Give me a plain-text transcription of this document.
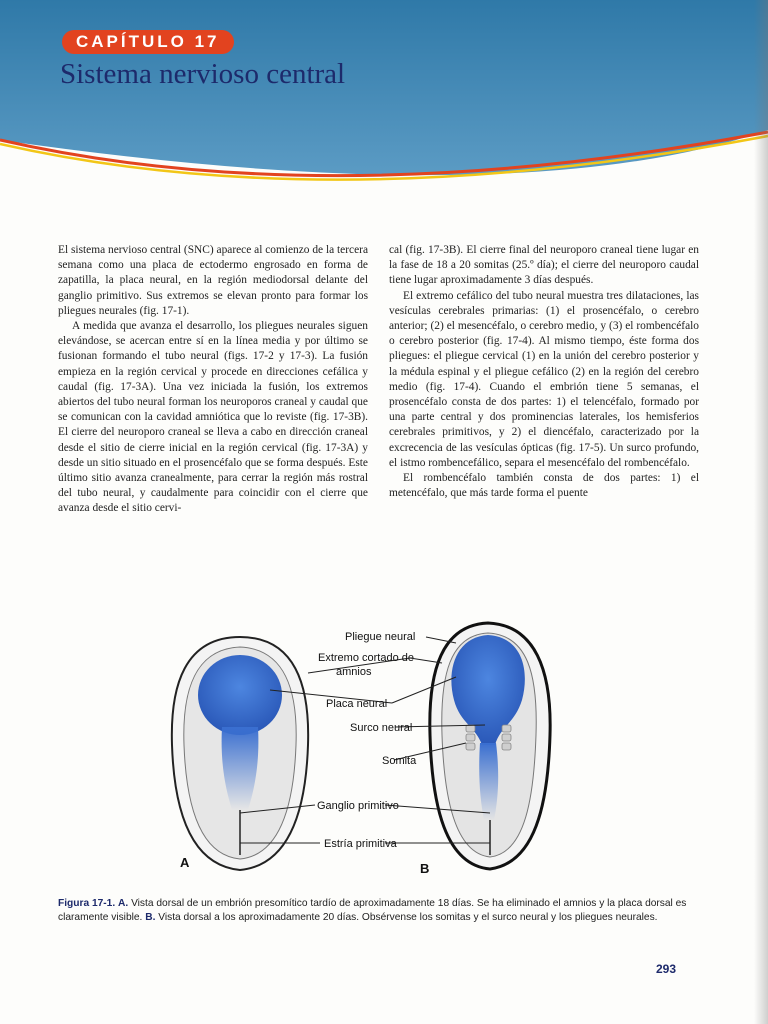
CAPÍTULO 17
Sistema nervioso central

El sistema nervioso central (SNC) aparece al comienzo de la tercera semana como una placa de ectodermo engrosado en forma de zapatilla, la placa neural, en la región mediodorsal delante del ganglio primitivo. Sus extremos se elevan pronto para formar los pliegues neurales (fig. 17-1).

A medida que avanza el desarrollo, los pliegues neurales siguen elevándose, se acercan entre sí en la línea media y por último se fusionan formando el tubo neural (figs. 17-2 y 17-3). La fusión empieza en la región cervical y procede en direcciones cefálica y caudal (fig. 17-3A). Una vez iniciada la fusión, los extremos abiertos del tubo neural forman los neuroporos craneal y caudal que se comunican con la cavidad amniótica que lo reviste (fig. 17-3B). El cierre del neuroporo craneal se lleva a cabo en dirección craneal desde el sitio de cierre inicial en la región cervical (fig. 17-3A) y desde un sitio situado en el prosencéfalo que se forma después. Este último sitio avanza cranealmente, para cerrar la región más rostral del tubo neural, y caudalmente para coincidir con el cierre que avanza desde el sitio cervi-

cal (fig. 17-3B). El cierre final del neuroporo craneal tiene lugar en la fase de 18 a 20 somitas (25.º día); el cierre del neuroporo caudal tiene lugar aproximadamente 3 días después.

El extremo cefálico del tubo neural muestra tres dilataciones, las vesículas cerebrales primarias: (1) el prosencéfalo, o cerebro anterior; (2) el mesencéfalo, o cerebro medio, y (3) el rombencéfalo o cerebro posterior (fig. 17-4). Al mismo tiempo, éste forma dos pliegues: el pliegue cervical (1) en la unión del cerebro posterior y la médula espinal y el pliegue cefálico (2) en la región del cerebro medio (fig. 17-4). Cuando el embrión tiene 5 semanas, el prosencéfalo consta de dos partes: 1) el telencéfalo, formado por una parte central y dos prominencias laterales, los hemisferios cerebrales primitivos, y 2) el diencéfalo, caracterizado por la excrecencia de las vesículas ópticas (fig. 17-5). Un surco profundo, el istmo rombencefálico, separa el mesencéfalo del rombencéfalo.

El rombencéfalo también consta de dos partes: 1) el metencéfalo, que más tarde forma el puente

Pliegue neural
Extremo cortado de
amnios
Placa neural
Surco neural
Somita
Ganglio primitivo
Estría primitiva
A	B
Figura 17-1. A. Vista dorsal de un embrión presomítico tardío de aproximadamente 18 días. Se ha eliminado el amnios y la placa dorsal es claramente visible. B. Vista dorsal a los aproximadamente 20 días. Obsérvense los somitas y el surco neural y los pliegues neurales.
293
